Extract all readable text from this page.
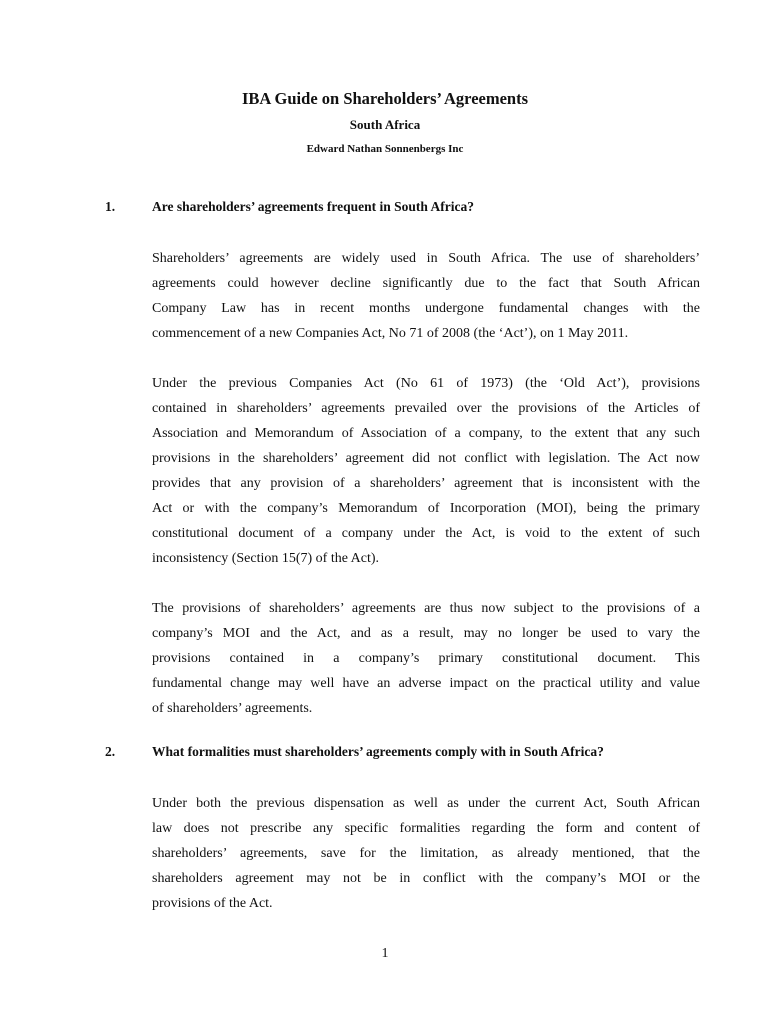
IBA Guide on Shareholders’ Agreements
South Africa
Edward Nathan Sonnenbergs Inc
1.	Are shareholders’ agreements frequent in South Africa?
Shareholders’ agreements are widely used in South Africa. The use of shareholders’
agreements could however decline significantly due to the fact that South African
Company Law has in recent months undergone fundamental changes with the
commencement of a new Companies Act, No 71 of 2008 (the ‘Act’), on 1 May 2011.
Under the previous Companies Act (No 61 of 1973) (the ‘Old Act’), provisions
contained in shareholders’ agreements prevailed over the provisions of the Articles of
Association and Memorandum of Association of a company, to the extent that any such
provisions in the shareholders’ agreement did not conflict with legislation. The Act now
provides that any provision of a shareholders’ agreement that is inconsistent with the
Act or with the company’s Memorandum of Incorporation (MOI), being the primary
constitutional document of a company under the Act, is void to the extent of such
inconsistency (Section 15(7) of the Act).
The provisions of shareholders’ agreements are thus now subject to the provisions of a
company’s MOI and the Act, and as a result, may no longer be used to vary the
provisions contained in a company’s primary constitutional document. This
fundamental change may well have an adverse impact on the practical utility and value
of shareholders’ agreements.
2.	What formalities must shareholders’ agreements comply with in South Africa?
Under both the previous dispensation as well as under the current Act, South African
law does not prescribe any specific formalities regarding the form and content of
shareholders’ agreements, save for the limitation, as already mentioned, that the
shareholders agreement may not be in conflict with the company’s MOI or the
provisions of the Act.
1
